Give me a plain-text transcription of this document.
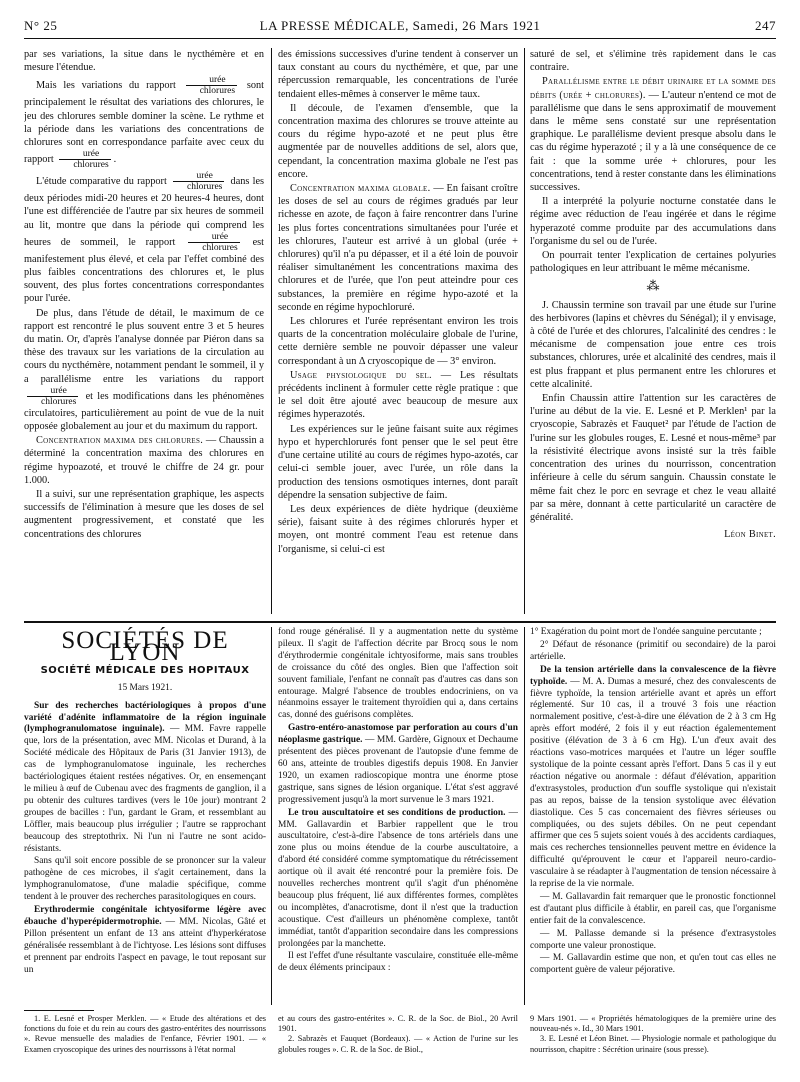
N° 25	LA PRESSE MÉDICALE, Samedi, 26 Mars 1921	247

par ses variations, la situe dans le nycthémère et en mesure l'étendue.

Mais les variations du rapport $\frac{\text{urée}}{\text{chlorures}}$ sont principalement le résultat des variations des chlorures, le jeu des chlorures semble dominer la scène. Le rythme et la période dans les variations des concentrations de chlorures sont en correspondance parfaite avec ceux du rapport $\frac{\text{urée}}{\text{chlorures}}$ .

L'étude comparative du rapport $\frac{\text{urée}}{\text{chlorures}}$ dans les deux périodes midi-20 heures et 20 heures-4 heures, dont l'une est différenciée de l'autre par six heures de sommeil au lit, montre que dans la période qui comprend les heures de sommeil, le rapport $\frac{\text{urée}}{\text{chlorures}}$ est manifestement plus élevé, et cela par l'effet combiné des plus faibles concentrations des chlorures et, le plus souvent, des plus fortes concentrations correspondantes pour l'urée.

De plus, dans l'étude de détail, le maximum de ce rapport est rencontré le plus souvent entre 3 et 5 heures du matin. Or, d'après l'analyse donnée par Piéron dans sa thèse des travaux sur les variations de la circulation au cours du nycthémère, notamment pendant le sommeil, il y a parallélisme entre les variations du rapport
$\frac{\text{urée}}{\text{chlorures}}$ et les modifications dans les phénomènes circulatoires, particulièrement au point de vue de la nuit opposée globalement au jour et du maximum du rapport.

Concentration maxima des chlorures. — Chaussin a déterminé la concentration maxima des chlorures en régime hypoazoté, et trouvé le chiffre de 24 gr. pour 1.000.

Il a suivi, sur une représentation graphique, les aspects successifs de l'élimination à mesure que les doses de sel augmentent progressivement, et constaté que les concentrations des chlorures

des émissions successives d'urine tendent à conserver un taux constant au cours du nycthémère, et que, par une répercussion remarquable, les concentrations de l'urée tendaient elles-mêmes à conserver le même taux.

Il découle, de l'examen d'ensemble, que la concentration maxima des chlorures se trouve atteinte au cours du régime hypo-azoté et ne peut plus être augmentée par de nouvelles additions de sel, alors que, cependant, la concentration maxima globale ne l'est pas encore.

Concentration maxima globale. — En faisant croître les doses de sel au cours de régimes gradués par leur richesse en azote, de façon à faire rencontrer dans l'urine les plus fortes concentrations simultanées pour l'urée et les chlorures, l'auteur est arrivé à un global (urée + chlorures) qu'il n'a pu dépasser, et il a été loin de pouvoir réaliser simultanément les concentrations maxima des chlorures et de l'urée, que l'on peut atteindre pour ces substances, la première en régime hypo-azoté et la seconde en régime hypochloruré.

Les chlorures et l'urée représentant environ les trois quarts de la concentration moléculaire globale de l'urine, cette dernière semble ne pouvoir dépasser une valeur correspondant à un Δ cryoscopique de — 3° environ.

Usage physiologique du sel. — Les résultats précédents inclinent à formuler cette règle pratique : que le sel doit être ajouté avec beaucoup de mesure aux régimes hyperazotés.

Les expériences sur le jeûne faisant suite aux régimes hypo et hyperchlorurés font penser que le sel peut être d'une certaine utilité au cours de régimes hypo-azotés, car celui-ci semble jouer, avec l'urée, un rôle dans la production des tensions osmotiques internes, dont paraît dépendre la sensation subjective de faim.

Les deux expériences de diète hydrique (deuxième série), faisant suite à des régimes chlorurés hyper et moyen, ont montré comment l'eau est retenue dans l'organisme, si celui-ci est

saturé de sel, et s'élimine très rapidement dans le cas contraire.

Parallélisme entre le débit urinaire et la somme des débits (urée + chlorures). — L'auteur n'entend ce mot de parallélisme que dans le sens approximatif de mouvement dans le même sens constaté sur une représentation graphique. Le parallélisme devient presque absolu dans le cas du régime hyperazoté ; il y a là une conséquence de ce fait : que la somme urée + chlorures, pour les concentrations, tend à rester constante dans les éliminations successives.

Il a interprété la polyurie nocturne constatée dans le régime avec réduction de l'eau ingérée et dans le régime hyperazoté comme produite par des accumulations dans l'organisme du sel ou de l'urée.

On pourrait tenter l'explication de certaines polyuries pathologiques en leur attribuant le même mécanisme.

⁂

J. Chaussin termine son travail par une étude sur l'urine des herbivores (lapins et chèvres du Sénégal); il y envisage, à côté de l'urée et des chlorures, l'alcalinité des cendres : le mécanisme de compensation joue entre ces trois substances, chlorures, urée et alcalinité des cendres, mais il est plus frappant et plus permanent entre les chlorures et cette alcalinité.

Enfin Chaussin attire l'attention sur les caractères de l'urine au début de la vie. E. Lesné et P. Merklen¹ par la cryoscopie, Sabrazès et Fauquet² par l'étude de l'action de l'urine sur les globules rouges, E. Lesné et nous-même³ par la résistivité électrique avons insisté sur la très faible concentration des urines du nourrisson, concentration inférieure à celle du sérum sanguin. Chaussin constate le même fait chez le porc en sevrage et chez le veau allaité par sa mère, donnant à cette particularité un caractère de généralité.

Léon Binet.
SOCIÉTÉS DE LYON
SOCIÉTÉ MÉDICALE DES HOPITAUX
15 Mars 1921.

Sur des recherches bactériologiques à propos d'une variété d'adénite inflammatoire de la région inguinale (lymphogranulomatose inguinale). — MM. Favre rappelle que, lors de la présentation, avec MM. Nicolas et Durand, à la Société médicale des Hôpitaux de Paris (31 Janvier 1913), de cas de lymphogranulomatose inguinale, les recherches bactériologiques étaient restées négatives. Or, en ensemençant le milieu à œuf de Cubenau avec des fragments de ganglion, il a pu obtenir des cultures tardives (vers le 10e jour) montrant 2 groupes de bacilles : l'un, gardant le Gram, et ressemblant au Löffler, mais beaucoup plus irrégulier ; l'autre se rapprochant beaucoup des streptothrix. Ni l'un ni l'autre ne sont acido-résistants.

Sans qu'il soit encore possible de se prononcer sur la valeur pathogène de ces microbes, il s'agit certainement, dans la lymphogranulomatose, d'une maladie spécifique, comme tendent à le prouver des recherches parasitologiques en cours.

Erythrodermie congénitale ichtyosiforme légère avec ébauche d'hyperépidermotrophie. — MM. Nicolas, Gâté et Pillon présentent un enfant de 13 ans atteint d'hyperkératose généralisée ressemblant à de l'ichtyose. Les lésions sont diffuses et prennent par endroits l'aspect en pavage, le tout reposant sur un

fond rouge généralisé. Il y a augmentation nette du système pileux. Il s'agit de l'affection décrite par Brocq sous le nom d'érythrodermie congénitale ichtyosiforme, mais sans troubles de croissance du côté des ongles. Bien que l'affection soit souvent familiale, l'enfant ne connaît pas d'autres cas dans son entourage. Malgré l'absence de troubles endocriniens, on va néanmoins essayer le traitement thyroïdien qui a, dans certains cas, donné des guérisons complètes.

Gastro-entéro-anastomose par perforation au cours d'un néoplasme gastrique. — MM. Gardère, Gignoux et Dechaume présentent des pièces provenant de l'autopsie d'une femme de 60 ans, atteinte de troubles digestifs depuis 1908. En Janvier 1920, un examen radioscopique montra une énorme ptose gastrique, sans signes de lésion organique. L'état s'est aggravé progressivement jusqu'à la mort survenue le 3 mars 1921.

Le trou auscultatoire et ses conditions de production. — MM. Gallavardin et Barbier rappellent que le trou auscultatoire, c'est-à-dire l'absence de tons artériels dans une zone plus ou moins étendue de la courbe auscultatoire, a d'abord été considéré comme symptomatique du rétrécissement aortique où il avait été rencontré pour la première fois. De nouvelles recherches montrent qu'il s'agit d'un phénomène beaucoup plus fréquent, lié aux différentes formes, complètes ou incomplètes, d'anacrotisme, dont il n'est que la traduction acoustique. C'est d'ailleurs un phénomène complexe, tantôt immédiat, tantôt d'apparition secondaire dans les compressions prolongées par la manchette.

Il est l'effet d'une résultante vasculaire, constituée elle-même de deux éléments principaux :

1° Exagération du point mort de l'ondée sanguine percutante ;

2° Défaut de résonance (primitif ou secondaire) de la paroi artérielle.

De la tension artérielle dans la convalescence de la fièvre typhoïde. — M. A. Dumas a mesuré, chez des convalescents de fièvre typhoïde, la tension artérielle avant et après un effort réglementé. Sur 10 cas, il a trouvé 3 fois une réaction normalement positive, c'est-à-dire une élévation de 2 à 3 cm Hg après effort modéré, 2 fois il y eut réaction égalementement positive (élévation de 3 à 6 cm Hg). L'un d'eux avait des réactions vaso-motrices marquées et l'autre un léger souffle systolique de la pointe cessant après l'effort. Dans 5 cas il y eut réaction négative ou anormale : défaut d'élévation, apparition d'extrasystoles, production d'un souffle systolique qui n'existait pas au repos, baisse de la tension systolique avec élévation diastolique. Ces 5 cas concernaient des fièvres sérieuses ou compliquées, ou des sujets débiles. On ne peut cependant affirmer que ces 5 sujets soient voués à des accidents cardiaques, mais ces recherches tensionnelles peuvent mettre en évidence la difficulté qu'éprouvent le cœur et l'appareil neuro-cardio-vasculaire à se réadapter à l'augmentation de tension nécessaire à la reprise de la vie normale.

— M. Gallavardin fait remarquer que le pronostic fonctionnel est d'autant plus difficile à établir, en pareil cas, que l'organisme entier fait de la convalescence.

— M. Pallasse demande si la présence d'extrasystoles comporte une valeur pronostique.

— M. Gallavardin estime que non, et qu'en tout cas elles ne comportent guère de valeur péjorative.

1. E. Lesné et Prosper Merklen. — « Etude des altérations et des fonctions du foie et du rein au cours des gastro-entérites des nourrissons ». Revue mensuelle des maladies de l'enfance, Février 1901. — « Examen cryoscopique des urines des nourrissons à l'état normal

et au cours des gastro-entérites ». C. R. de la Soc. de Biol., 20 Avril 1901.

2. Sabrazès et Fauquet (Bordeaux). — « Action de l'urine sur les globules rouges ». C. R. de la Soc. de Biol.,

9 Mars 1901. — « Propriétés hématologiques de la première urine des nouveau-nés ». Id., 30 Mars 1901.

3. E. Lesné et Léon Binet. — Physiologie normale et pathologique du nourrisson, chapitre : Sécrétion urinaire (sous presse).
